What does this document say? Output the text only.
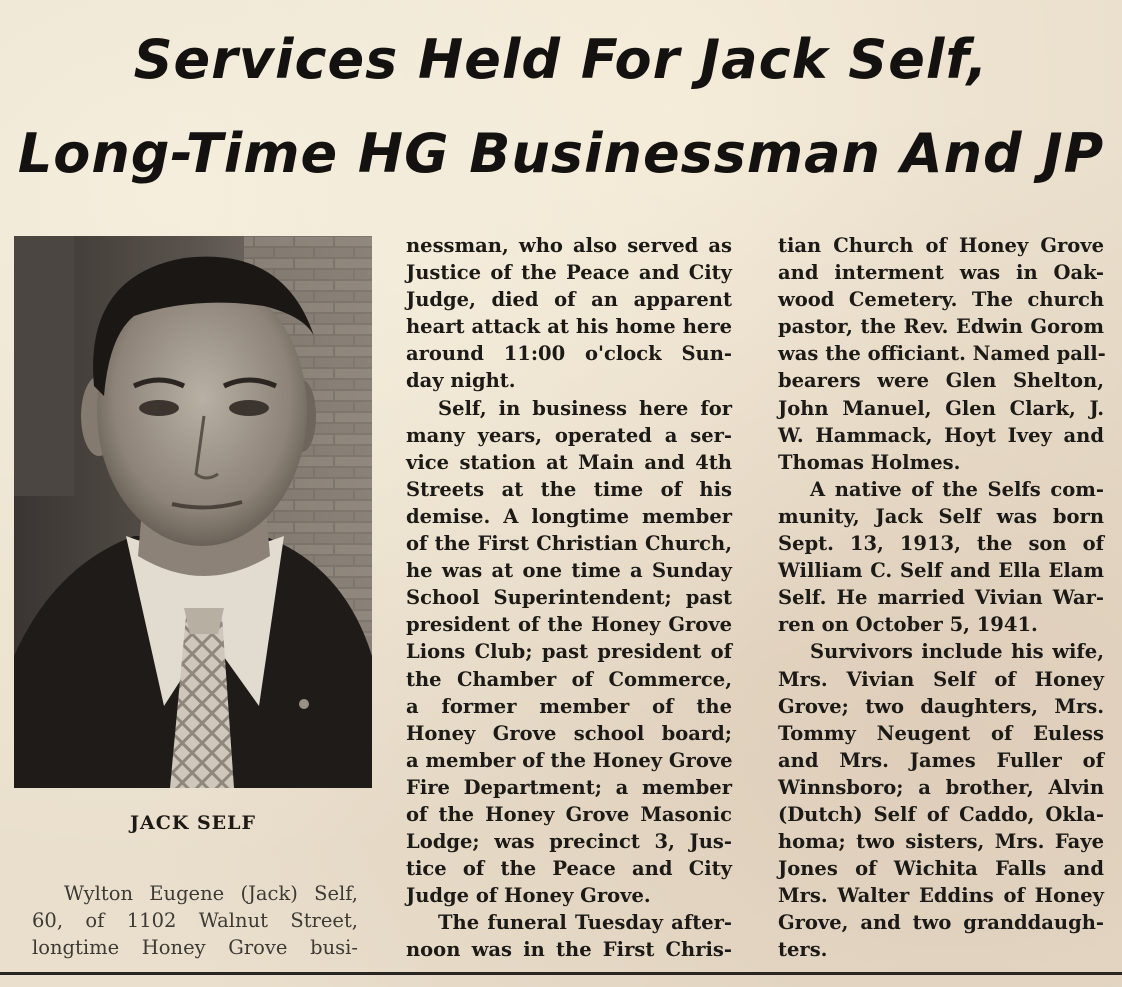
Services Held For Jack Self,
Long-Time HG Businessman And JP
JACK SELF
Wylton Eugene (Jack) Self,
60, of 1102 Walnut Street,
longtime Honey Grove busi-
nessman, who also served as
Justice of the Peace and City
Judge, died of an apparent
heart attack at his home here
around 11:00 o'clock Sun-
day night.
Self, in business here for
many years, operated a ser-
vice station at Main and 4th
Streets at the time of his
demise. A longtime member
of the First Christian Church,
he was at one time a Sunday
School Superintendent; past
president of the Honey Grove
Lions Club; past president of
the Chamber of Commerce,
a former member of the
Honey Grove school board;
a member of the Honey Grove
Fire Department; a member
of the Honey Grove Masonic
Lodge; was precinct 3, Jus-
tice of the Peace and City
Judge of Honey Grove.
The funeral Tuesday after-
noon was in the First Chris-
tian Church of Honey Grove
and interment was in Oak-
wood Cemetery. The church
pastor, the Rev. Edwin Gorom
was the officiant. Named pall-
bearers were Glen Shelton,
John Manuel, Glen Clark, J.
W. Hammack, Hoyt Ivey and
Thomas Holmes.
A native of the Selfs com-
munity, Jack Self was born
Sept. 13, 1913, the son of
William C. Self and Ella Elam
Self. He married Vivian War-
ren on October 5, 1941.
Survivors include his wife,
Mrs. Vivian Self of Honey
Grove; two daughters, Mrs.
Tommy Neugent of Euless
and Mrs. James Fuller of
Winnsboro; a brother, Alvin
(Dutch) Self of Caddo, Okla-
homa; two sisters, Mrs. Faye
Jones of Wichita Falls and
Mrs. Walter Eddins of Honey
Grove, and two granddaugh-
ters.
